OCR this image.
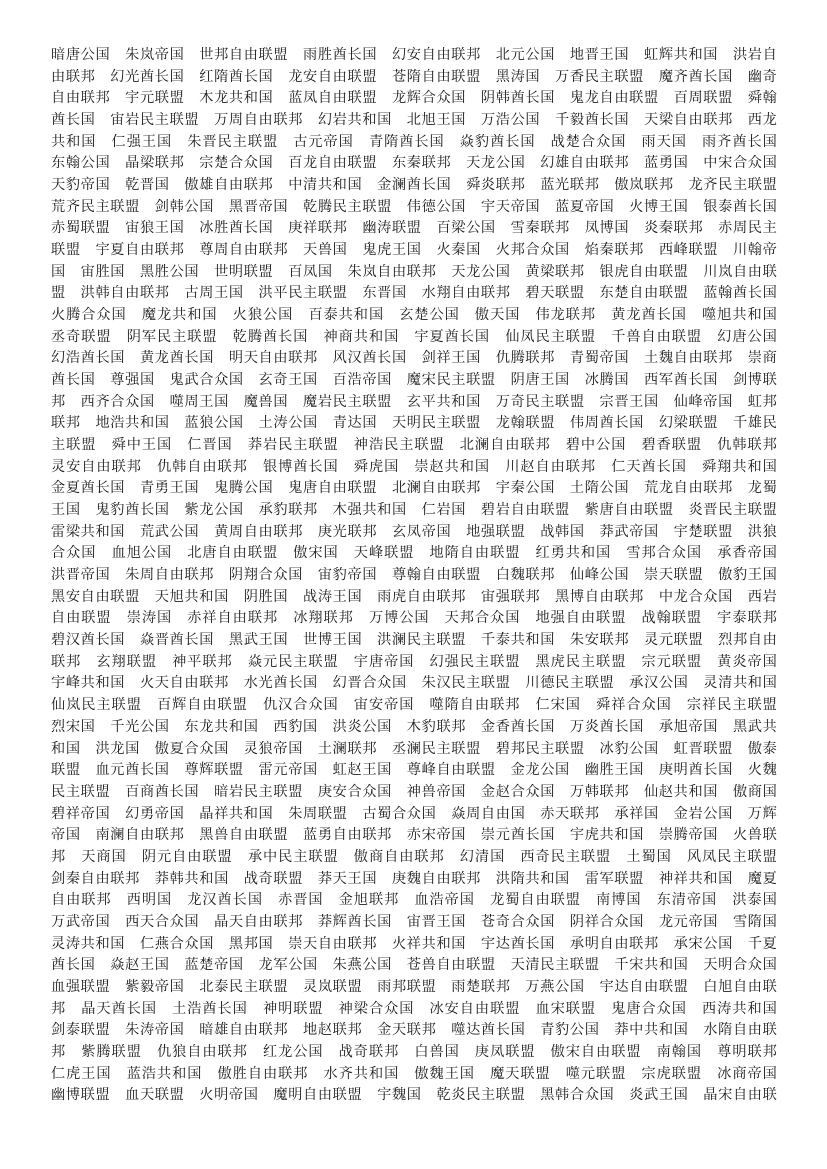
暗唐公国　朱岚帝国　世邦自由联盟　雨胜酋长国　幻安自由联邦　北元公国　地晋王国　虹辉共和国　洪岩自
由联邦　幻光酋长国　红隋酋长国　龙安自由联盟　苍隋自由联盟　黑涛国　万香民主联盟　魔齐酋长国　幽奇
自由联邦　宇元联盟　木龙共和国　蓝凤自由联盟　龙辉合众国　阴韩酋长国　鬼龙自由联盟　百周联盟　舜翰
酋长国　宙岩民主联盟　万周自由联邦　幻岩共和国　北旭王国　万浩公国　千毅酋长国　天梁自由联邦　西龙
共和国　仁强王国　朱晋民主联盟　古元帝国　青隋酋长国　焱豹酋长国　战楚合众国　雨天国　雨齐酋长国
东翰公国　晶梁联邦　宗楚合众国　百龙自由联盟　东秦联邦　天龙公国　幻雄自由联邦　蓝勇国　中宋合众国
天豹帝国　乾晋国　傲雄自由联邦　中清共和国　金澜酋长国　舜炎联邦　蓝光联邦　傲岚联邦　龙齐民主联盟
荒齐民主联盟　剑韩公国　黑晋帝国　乾腾民主联盟　伟德公国　宇天帝国　蓝夏帝国　火博王国　银泰酋长国
赤蜀联盟　宙狼王国　冰胜酋长国　庚祥联邦　幽涛联盟　百梁公国　雪秦联邦　凤博国　炎秦联邦　赤周民主
联盟　宇夏自由联邦　尊周自由联邦　天兽国　鬼虎王国　火秦国　火邦合众国　焰秦联邦　西峰联盟　川翰帝
国　宙胜国　黑胜公国　世明联盟　百凤国　朱岚自由联邦　天龙公国　黄梁联邦　银虎自由联盟　川岚自由联
盟　洪韩自由联邦　古周王国　洪平民主联盟　东晋国　水翔自由联邦　碧天联盟　东楚自由联盟　蓝翰酋长国
火腾合众国　魔龙共和国　火狼公国　百泰共和国　玄楚公国　傲天国　伟龙联邦　黄龙酋长国　噬旭共和国
丞奇联盟　阴军民主联盟　乾腾酋长国　神商共和国　宇夏酋长国　仙凤民主联盟　千兽自由联盟　幻唐公国
幻浩酋长国　黄龙酋长国　明天自由联邦　风汉酋长国　剑祥王国　仇腾联邦　青蜀帝国　土魏自由联邦　崇商
酋长国　尊强国　鬼武合众国　玄奇王国　百浩帝国　魔宋民主联盟　阴唐王国　冰腾国　西军酋长国　剑博联
邦　西齐合众国　噬周王国　魔兽国　魔岩民主联盟　玄平共和国　万奇民主联盟　宗晋王国　仙峰帝国　虹邦
联邦　地浩共和国　蓝狼公国　土涛公国　青达国　天明民主联盟　龙翰联盟　伟周酋长国　幻梁联盟　千雄民
主联盟　舜中王国　仁晋国　莽岩民主联盟　神浩民主联盟　北澜自由联邦　碧中公国　碧香联盟　仇韩联邦
灵安自由联邦　仇韩自由联邦　银博酋长国　舜虎国　崇赵共和国　川赵自由联邦　仁天酋长国　舜翔共和国
金夏酋长国　青勇王国　鬼腾公国　鬼唐自由联盟　北澜自由联邦　宇秦公国　土隋公国　荒龙自由联邦　龙蜀
王国　鬼豹酋长国　紫龙公国　承豹联邦　木强共和国　仁岩国　碧岩自由联盟　紫唐自由联盟　炎晋民主联盟
雷梁共和国　荒武公国　黄周自由联邦　庚光联邦　玄凤帝国　地强联盟　战韩国　莽武帝国　宇楚联盟　洪狼
合众国　血旭公国　北唐自由联盟　傲宋国　天峰联盟　地隋自由联盟　红勇共和国　雪邦合众国　承香帝国
洪晋帝国　朱周自由联邦　阴翔合众国　宙豹帝国　尊翰自由联盟　白魏联邦　仙峰公国　崇天联盟　傲豹王国
黑安自由联盟　天旭共和国　阴胜国　战涛王国　雨虎自由联邦　宙强联邦　黑博自由联邦　中龙合众国　西岩
自由联盟　崇涛国　赤祥自由联邦　冰翔联邦　万博公国　天邦合众国　地强自由联盟　战翰联盟　宇泰联邦
碧汉酋长国　焱晋酋长国　黑武王国　世博王国　洪澜民主联盟　千泰共和国　朱安联邦　灵元联盟　烈邦自由
联邦　玄翔联盟　神平联邦　焱元民主联盟　宇唐帝国　幻强民主联盟　黑虎民主联盟　宗元联盟　黄炎帝国
宇峰共和国　火天自由联邦　水光酋长国　幻晋合众国　朱汉民主联盟　川德民主联盟　承汉公国　灵清共和国
仙岚民主联盟　百辉自由联盟　仇汉合众国　宙安帝国　噬隋自由联邦　仁宋国　舜祥合众国　宗祥民主联盟
烈宋国　千光公国　东龙共和国　西豹国　洪炎公国　木豹联邦　金香酋长国　万炎酋长国　承旭帝国　黑武共
和国　洪龙国　傲夏合众国　灵狼帝国　土澜联邦　丞澜民主联盟　碧邦民主联盟　冰豹公国　虹晋联盟　傲泰
联盟　血元酋长国　尊辉联盟　雷元帝国　虹赵王国　尊峰自由联盟　金龙公国　幽胜王国　庚明酋长国　火魏
民主联盟　百商酋长国　暗岩民主联盟　庚安合众国　神兽帝国　金赵合众国　万韩联邦　仙赵共和国　傲商国
碧祥帝国　幻勇帝国　晶祥共和国　朱周联盟　古蜀合众国　焱周自由国　赤天联邦　承祥国　金岩公国　万辉
帝国　南澜自由联邦　黑兽自由联盟　蓝勇自由联邦　赤宋帝国　崇元酋长国　宇虎共和国　崇腾帝国　火兽联
邦　天商国　阴元自由联盟　承中民主联盟　傲商自由联邦　幻清国　西奇民主联盟　土蜀国　风凤民主联盟
剑秦自由联邦　莽韩共和国　战奇联盟　莽天王国　庚魏自由联邦　洪隋共和国　雷军联盟　神祥共和国　魔夏
自由联邦　西明国　龙汉酋长国　赤晋国　金旭联邦　血浩帝国　龙蜀自由联盟　南博国　东清帝国　洪泰国
万武帝国　西天合众国　晶天自由联邦　莽辉酋长国　宙晋王国　苍奇合众国　阴祥合众国　龙元帝国　雪隋国
灵涛共和国　仁燕合众国　黑邦国　崇天自由联邦　火祥共和国　宇达酋长国　承明自由联邦　承宋公国　千夏
酋长国　焱赵王国　蓝楚帝国　龙军公国　朱燕公国　苍兽自由联盟　天清民主联盟　千宋共和国　天明合众国
血强联盟　紫毅帝国　北泰民主联盟　灵岚联盟　雨邦联盟　雨楚联邦　万燕公国　宇达自由联盟　白旭自由联
邦　晶天酋长国　土浩酋长国　神明联盟　神梁合众国　冰安自由联盟　血宋联盟　鬼唐合众国　西涛共和国
剑泰联盟　朱涛帝国　暗雄自由联邦　地赵联邦　金天联邦　噬达酋长国　青豹公国　莽中共和国　水隋自由联
邦　紫腾联盟　仇狼自由联邦　红龙公国　战奇联邦　白兽国　庚凤联盟　傲宋自由联盟　南翰国　尊明联邦
仁虎王国　蓝浩共和国　傲胜自由联邦　水齐共和国　傲魏王国　魔天联盟　噬元联盟　宗虎联盟　冰商帝国
幽博联盟　血天联盟　火明帝国　魔明自由联盟　宇魏国　乾炎民主联盟　黑韩合众国　炎武王国　晶宋自由联
